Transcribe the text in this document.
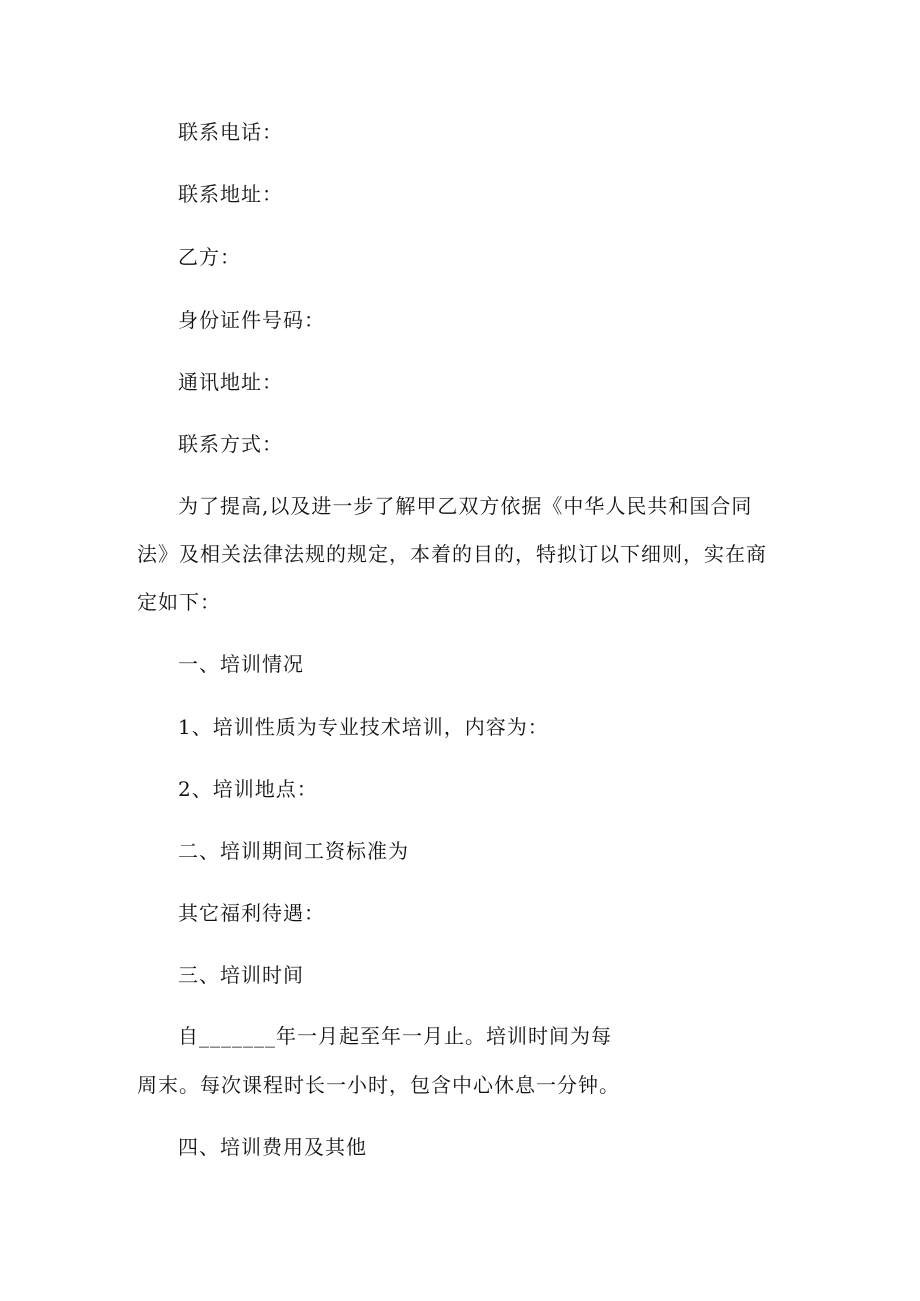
联系电话：
联系地址：
乙方：
身份证件号码：
通讯地址：
联系方式：
为了提高,以及进一步了解甲乙双方依据《中华人民共和国合同
法》及相关法律法规的规定，本着的目的，特拟订以下细则，实在商
定如下：
一、培训情况
1、培训性质为专业技术培训，内容为：
2、培训地点：
二、培训期间工资标准为
其它福利待遇：
三、培训时间
自_______年一月起至年一月止。培训时间为每
周末。每次课程时长一小时，包含中心休息一分钟。
四、培训费用及其他
